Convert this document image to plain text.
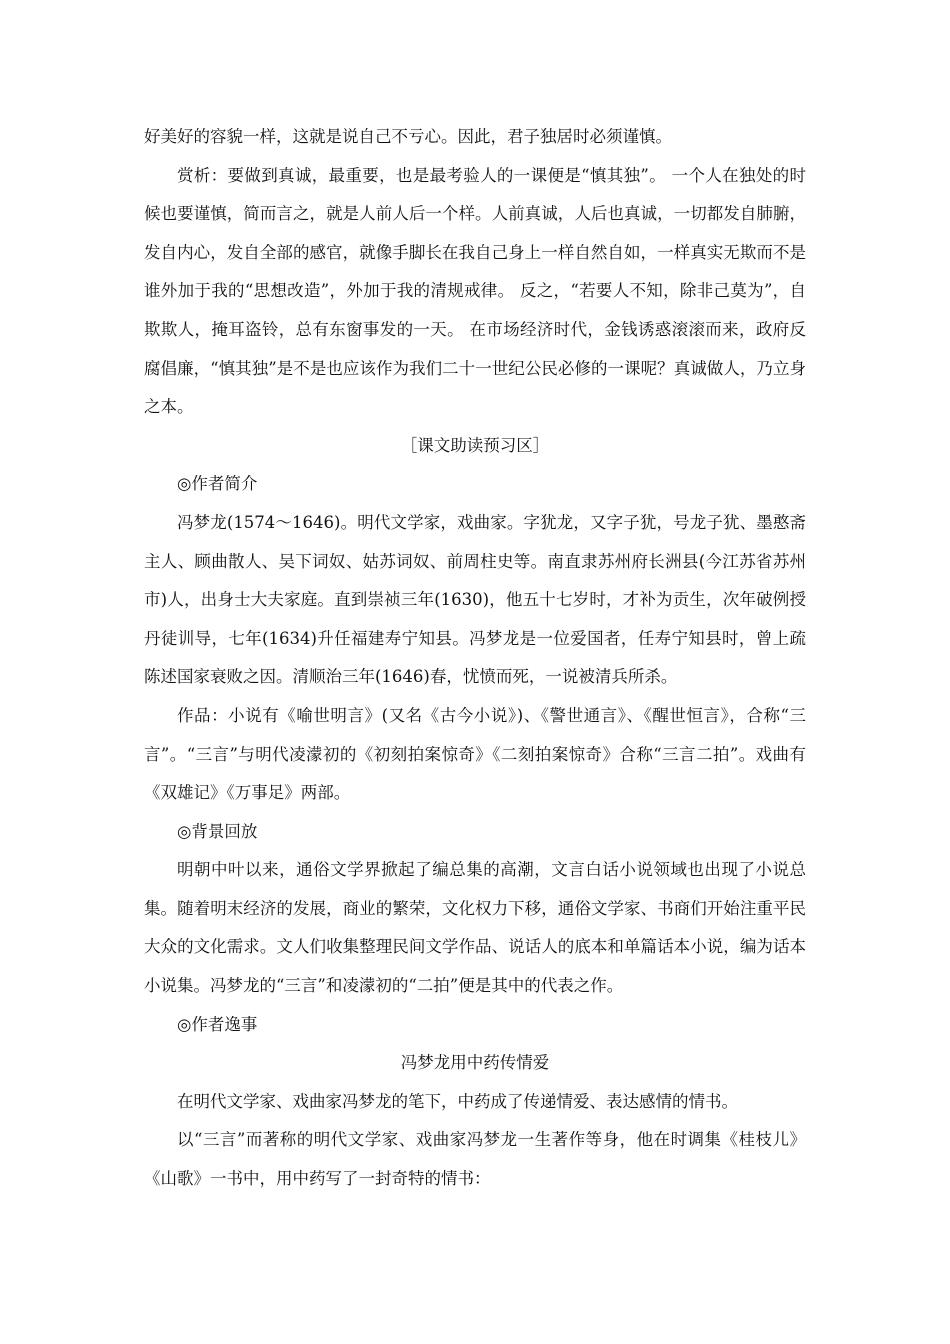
好美好的容貌一样，这就是说自己不亏心。因此，君子独居时必须谨慎。

赏析：要做到真诚，最重要，也是最考验人的一课便是“慎其独”。 一个人在独处的时候也要谨慎，简而言之，就是人前人后一个样。人前真诚，人后也真诚，一切都发自肺腑，发自内心，发自全部的感官，就像手脚长在我自己身上一样自然自如，一样真实无欺而不是谁外加于我的“思想改造”，外加于我的清规戒律。 反之，“若要人不知，除非己莫为”，自欺欺人，掩耳盗铃，总有东窗事发的一天。 在市场经济时代，金钱诱惑滚滚而来，政府反腐倡廉，“慎其独”是不是也应该作为我们二十一世纪公民必修的一课呢？真诚做人，乃立身之本。

［课文助读预习区］

◎作者简介

冯梦龙(1574～1646)。明代文学家，戏曲家。字犹龙，又字子犹，号龙子犹、墨憨斋主人、顾曲散人、吴下词奴、姑苏词奴、前周柱史等。南直隶苏州府长洲县(今江苏省苏州市)人，出身士大夫家庭。直到崇祯三年(1630)，他五十七岁时，才补为贡生，次年破例授丹徒训导，七年(1634)升任福建寿宁知县。冯梦龙是一位爱国者，任寿宁知县时，曾上疏陈述国家衰败之因。清顺治三年(1646)春，忧愤而死，一说被清兵所杀。

作品：小说有《喻世明言》(又名《古今小说》)、《警世通言》、《醒世恒言》，合称“三言”。“三言”与明代凌濛初的《初刻拍案惊奇》《二刻拍案惊奇》合称“三言二拍”。戏曲有《双雄记》《万事足》两部。

◎背景回放

明朝中叶以来，通俗文学界掀起了编总集的高潮，文言白话小说领域也出现了小说总集。随着明末经济的发展，商业的繁荣，文化权力下移，通俗文学家、书商们开始注重平民大众的文化需求。文人们收集整理民间文学作品、说话人的底本和单篇话本小说，编为话本小说集。冯梦龙的“三言”和凌濛初的“二拍”便是其中的代表之作。

◎作者逸事

冯梦龙用中药传情爱

在明代文学家、戏曲家冯梦龙的笔下，中药成了传递情爱、表达感情的情书。

以“三言”而著称的明代文学家、戏曲家冯梦龙一生著作等身，他在时调集《桂枝儿》《山歌》一书中，用中药写了一封奇特的情书：
